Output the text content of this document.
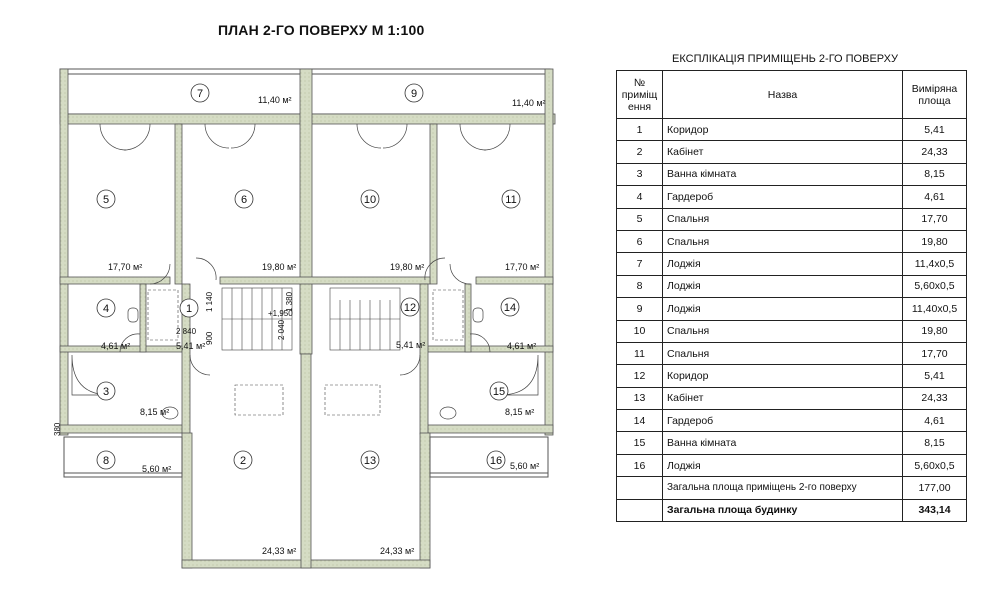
ПЛАН 2-ГО ПОВЕРХУ М 1:100
1
2
3
4
5	6
7
8
9
10	11
12
13
14
15
16
5,41 м²
24,33 м²
8,15 м²
4,61 м²
17,70 м²	19,80 м²
11,40 м²
5,60 м²
11,40 м²
19,80 м²	17,70 м²
5,41 м²
24,33 м²
4,61 м²
8,15 м²
5,60 м²
1 140	1 380
2 840
900	2 040
+1,950
380
ЕКСПЛІКАЦІЯ ПРИМІЩЕНЬ 2-ГО ПОВЕРХУ
№ приміщ ення	Назва	Виміряна площа
1	Коридор	5,41
2	Кабінет	24,33
3	Ванна кімната	8,15
4	Гардероб	4,61
5	Спальня	17,70
6	Спальня	19,80
7	Лоджія	11,4х0,5
8	Лоджія	5,60х0,5
9	Лоджія	11,40х0,5
10	Спальня	19,80
11	Спальня	17,70
12	Коридор	5,41
13	Кабінет	24,33
14	Гардероб	4,61
15	Ванна кімната	8,15
16	Лоджія	5,60х0,5
	Загальна площа приміщень 2-го поверху	177,00
	Загальна площа будинку	343,14
